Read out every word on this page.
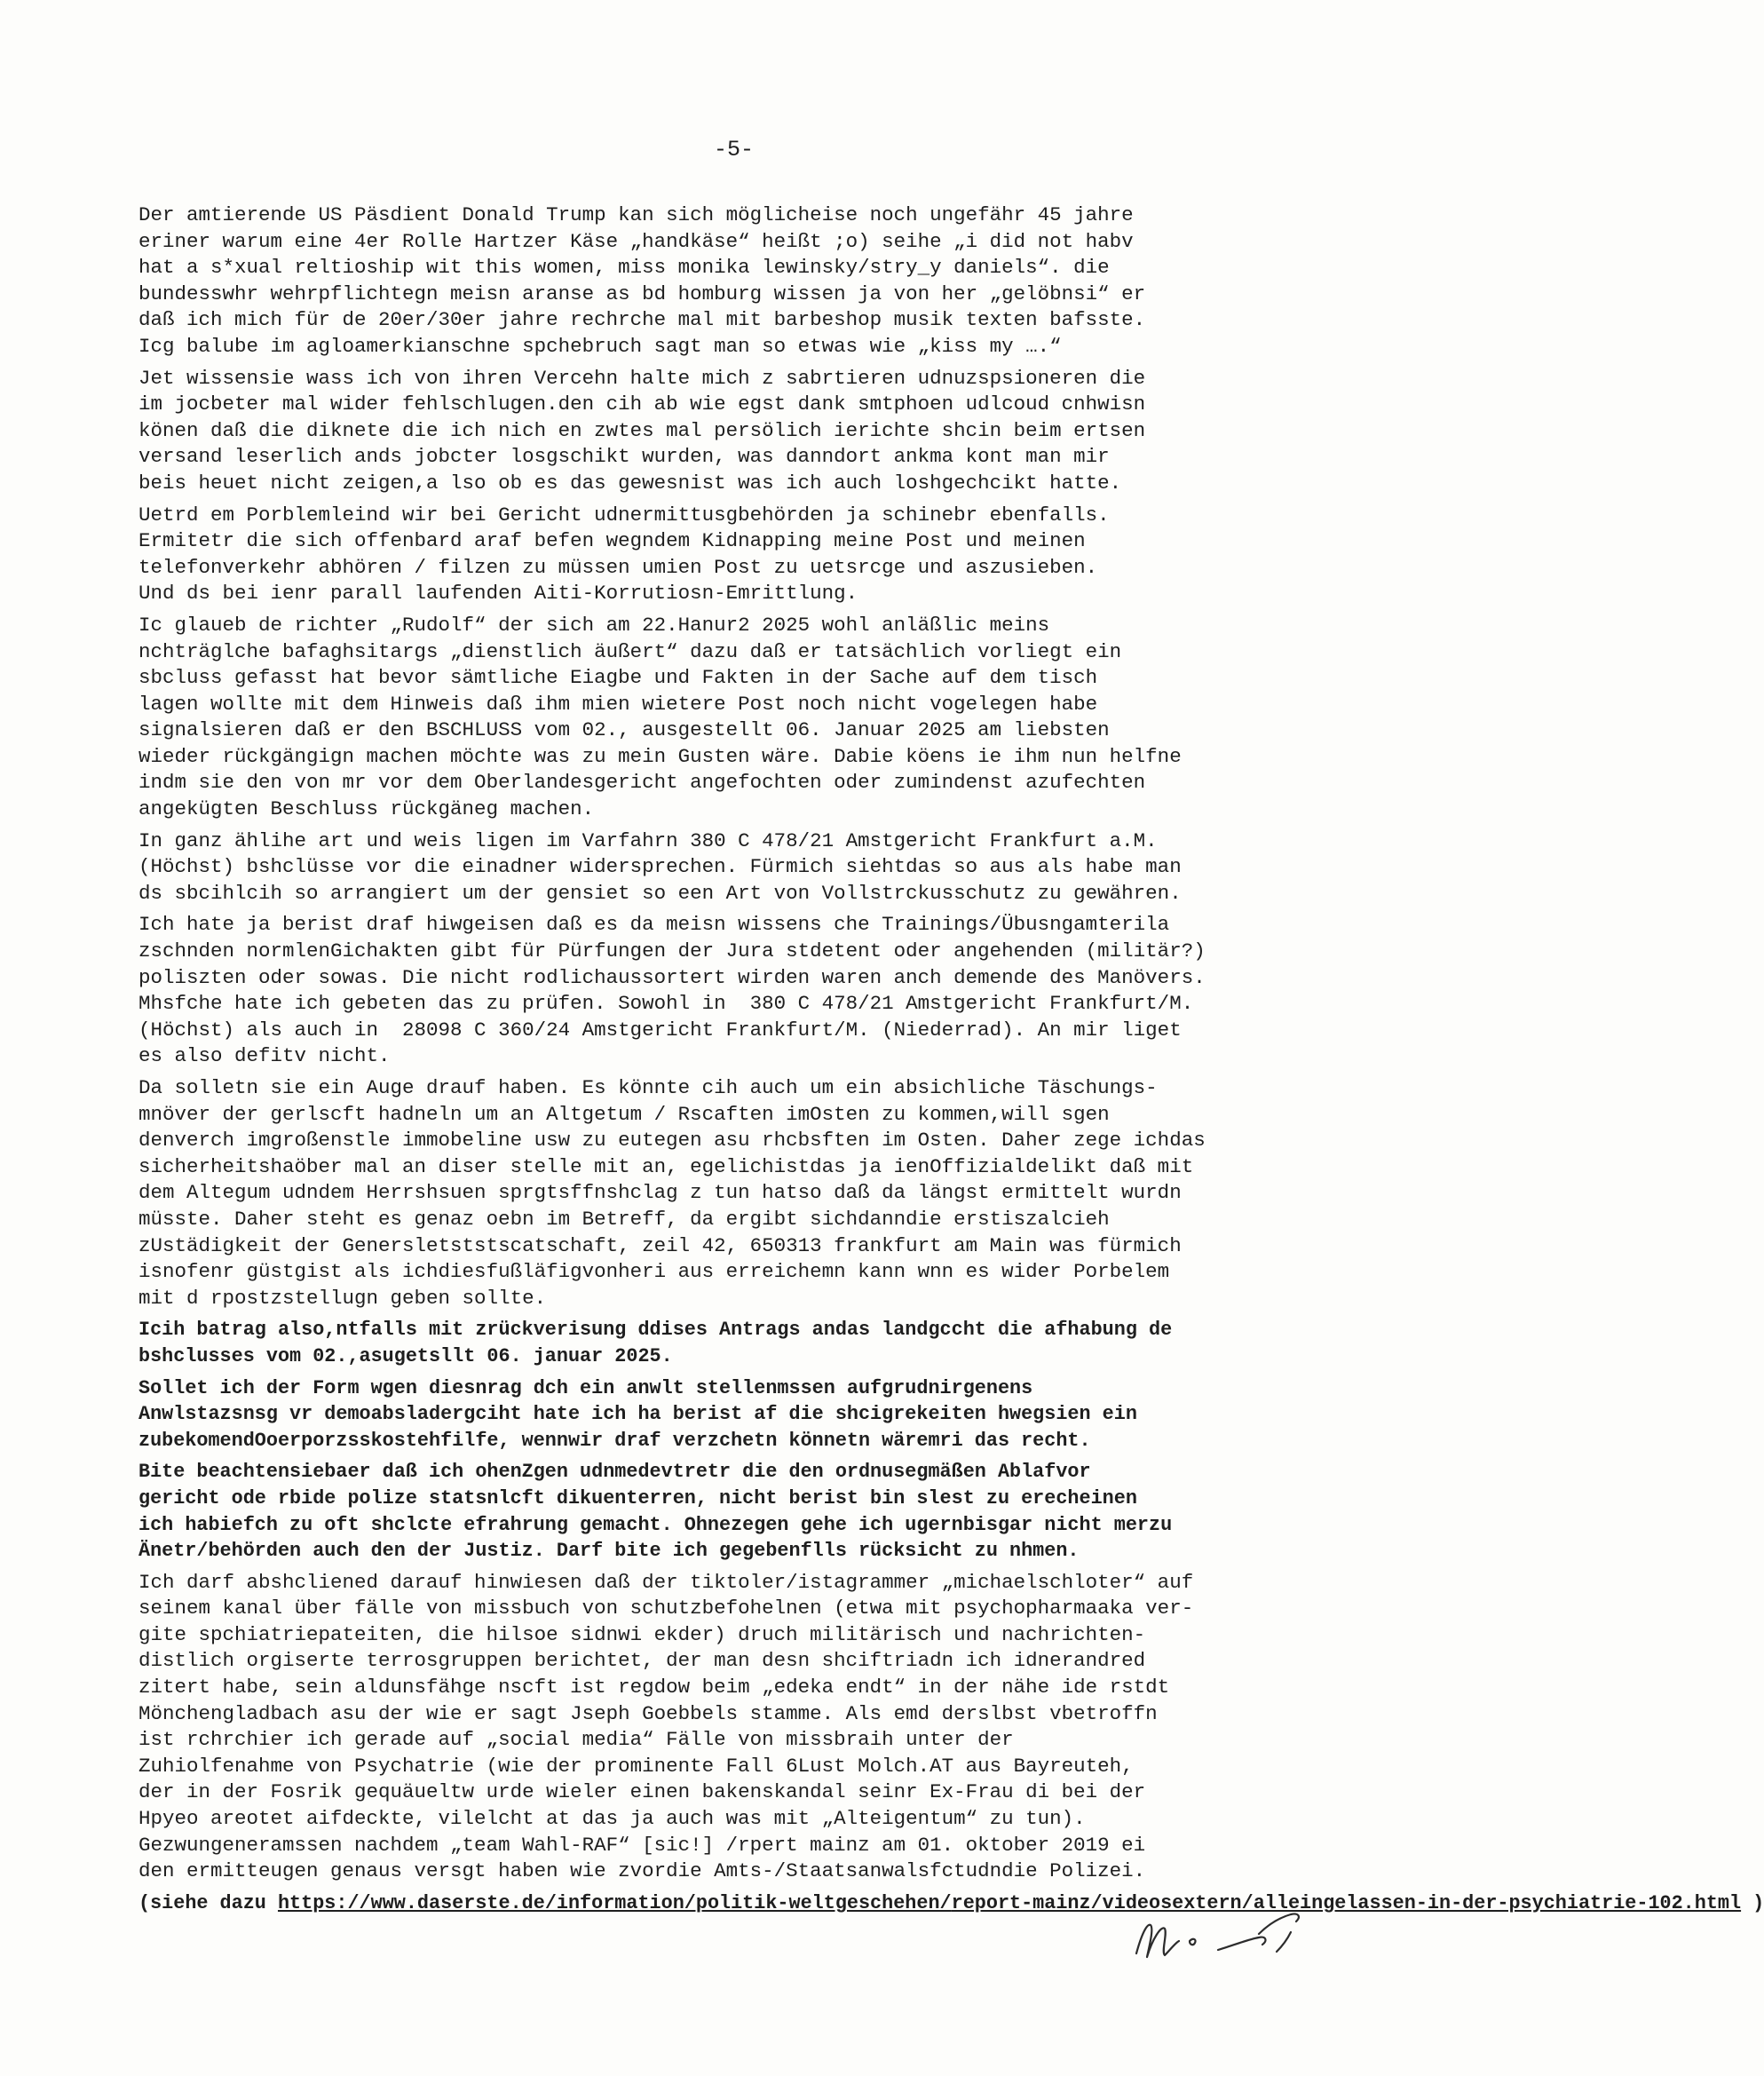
-5-
Der amtierende US Päsdient Donald Trump kan sich möglicheise noch ungefähr 45 jahre
eriner warum eine 4er Rolle Hartzer Käse „handkäse“ heißt ;o) seihe „i did not habv
hat a s*xual reltioship wit this women, miss monika lewinsky/stry_y daniels“. die
bundesswhr wehrpflichtegn meisn aranse as bd homburg wissen ja von her „gelöbnsi“ er
daß ich mich für de 20er/30er jahre rechrche mal mit barbeshop musik texten bafsste.
Icg balube im agloamerkianschne spchebruch sagt man so etwas wie „kiss my ….“
Jet wissensie wass ich von ihren Vercehn halte mich z sabrtieren udnuzspsioneren die
im jocbeter mal wider fehlschlugen.den cih ab wie egst dank smtphoen udlcoud cnhwisn
könen daß die diknete die ich nich en zwtes mal persölich ierichte shcin beim ertsen
versand leserlich ands jobcter losgschikt wurden, was danndort ankma kont man mir
beis heuet nicht zeigen,a lso ob es das gewesnist was ich auch loshgechcikt hatte.
Uetrd em Porblemleind wir bei Gericht udnermittusgbehörden ja schinebr ebenfalls.
Ermitetr die sich offenbard araf befen wegndem Kidnapping meine Post und meinen
telefonverkehr abhören / filzen zu müssen umien Post zu uetsrcge und aszusieben.
Und ds bei ienr parall laufenden Aiti-Korrutiosn-Emrittlung.
Ic glaueb de richter „Rudolf“ der sich am 22.Hanur2 2025 wohl anläßlic meins
nchträglche bafaghsitargs „dienstlich äußert“ dazu daß er tatsächlich vorliegt ein
sbcluss gefasst hat bevor sämtliche Eiagbe und Fakten in der Sache auf dem tisch
lagen wollte mit dem Hinweis daß ihm mien wietere Post noch nicht vogelegen habe
signalsieren daß er den BSCHLUSS vom 02., ausgestellt 06. Januar 2025 am liebsten
wieder rückgängign machen möchte was zu mein Gusten wäre. Dabie köens ie ihm nun helfne
indm sie den von mr vor dem Oberlandesgericht angefochten oder zumindenst azufechten
angekügten Beschluss rückgäneg machen.
In ganz ählihe art und weis ligen im Varfahrn 380 C 478/21 Amstgericht Frankfurt a.M.
(Höchst) bshclüsse vor die einadner widersprechen. Fürmich siehtdas so aus als habe man
ds sbcihlcih so arrangiert um der gensiet so een Art von Vollstrckusschutz zu gewähren.
Ich hate ja berist draf hiwgeisen daß es da meisn wissens che Trainings/Übusngamterila
zschnden normlenGichakten gibt für Pürfungen der Jura stdetent oder angehenden (militär?)
poliszten oder sowas. Die nicht rodlichaussortert wirden waren anch demende des Manövers.
Mhsfche hate ich gebeten das zu prüfen. Sowohl in  380 C 478/21 Amstgericht Frankfurt/M.
(Höchst) als auch in  28098 C 360/24 Amstgericht Frankfurt/M. (Niederrad). An mir liget
es also defitv nicht.
Da solletn sie ein Auge drauf haben. Es könnte cih auch um ein absichliche Täschungs-
mnöver der gerlscft hadneln um an Altgetum / Rscaften imOsten zu kommen,will sgen
denverch imgroßenstle immobeline usw zu eutegen asu rhcbsften im Osten. Daher zege ichdas
sicherheitshaöber mal an diser stelle mit an, egelichistdas ja ienOffizialdelikt daß mit
dem Altegum udndem Herrshsuen sprgtsffnshclag z tun hatso daß da längst ermittelt wurdn
müsste. Daher steht es genaz oebn im Betreff, da ergibt sichdanndie erstiszalcieh
zUstädigkeit der Genersletststscatschaft, zeil 42, 650313 frankfurt am Main was fürmich
isnofenr güstgist als ichdiesfußläfigvonheri aus erreichemn kann wnn es wider Porbelem
mit d rpostzstellugn geben sollte.
Icih batrag also,ntfalls mit zrückverisung ddises Antrags andas landgccht die afhabung de
bshclusses vom 02.,asugetsllt 06. januar 2025.
Sollet ich der Form wgen diesnrag dch ein anwlt stellenmssen aufgrudnirgenens
Anwlstazsnsg vr demoabsladergciht hate ich ha berist af die shcigrekeiten hwegsien ein
zubekomendOoerporzsskostehfilfe, wennwir draf verzchetn könnetn wäremri das recht.
Bite beachtensiebaer daß ich ohenZgen udnmedevtretr die den ordnusegmäßen Ablafvor
gericht ode rbide polize statsnlcft dikuenterren, nicht berist bin slest zu erecheinen
ich habiefch zu oft shclcte efrahrung gemacht. Ohnezegen gehe ich ugernbisgar nicht merzu
Änetr/behörden auch den der Justiz. Darf bite ich gegebenflls rücksicht zu nhmen.
Ich darf abshcliened darauf hinwiesen daß der tiktoler/istagrammer „michaelschloter“ auf
seinem kanal über fälle von missbuch von schutzbefohelnen (etwa mit psychopharmaaka ver-
gite spchiatriepateiten, die hilsoe sidnwi ekder) druch militärisch und nachrichten-
distlich orgiserte terrosgruppen berichtet, der man desn shciftriadn ich idnerandred
zitert habe, sein aldunsfähge nscft ist regdow beim „edeka endt“ in der nähe ide rstdt
Mönchengladbach asu der wie er sagt Jseph Goebbels stamme. Als emd derslbst vbetroffn
ist rchrchier ich gerade auf „social media“ Fälle von missbraih unter der
Zuhiolfenahme von Psychatrie (wie der prominente Fall 6Lust Molch.AT aus Bayreuteh,
der in der Fosrik gequäueltw urde wieler einen bakenskandal seinr Ex-Frau di bei der
Hpyeo areotet aifdeckte, vilelcht at das ja auch was mit „Alteigentum“ zu tun).
Gezwungeneramssen nachdem „team Wahl-RAF“ [sic!] /rpert mainz am 01. oktober 2019 ei
den ermitteugen genaus versgt haben wie zvordie Amts-/Staatsanwalsfctudndie Polizei.
(siehe dazu https://www.daserste.de/information/politik-weltgeschehen/report-mainz/videosextern/alleingelassen-in-der-psychiatrie-102.html )
